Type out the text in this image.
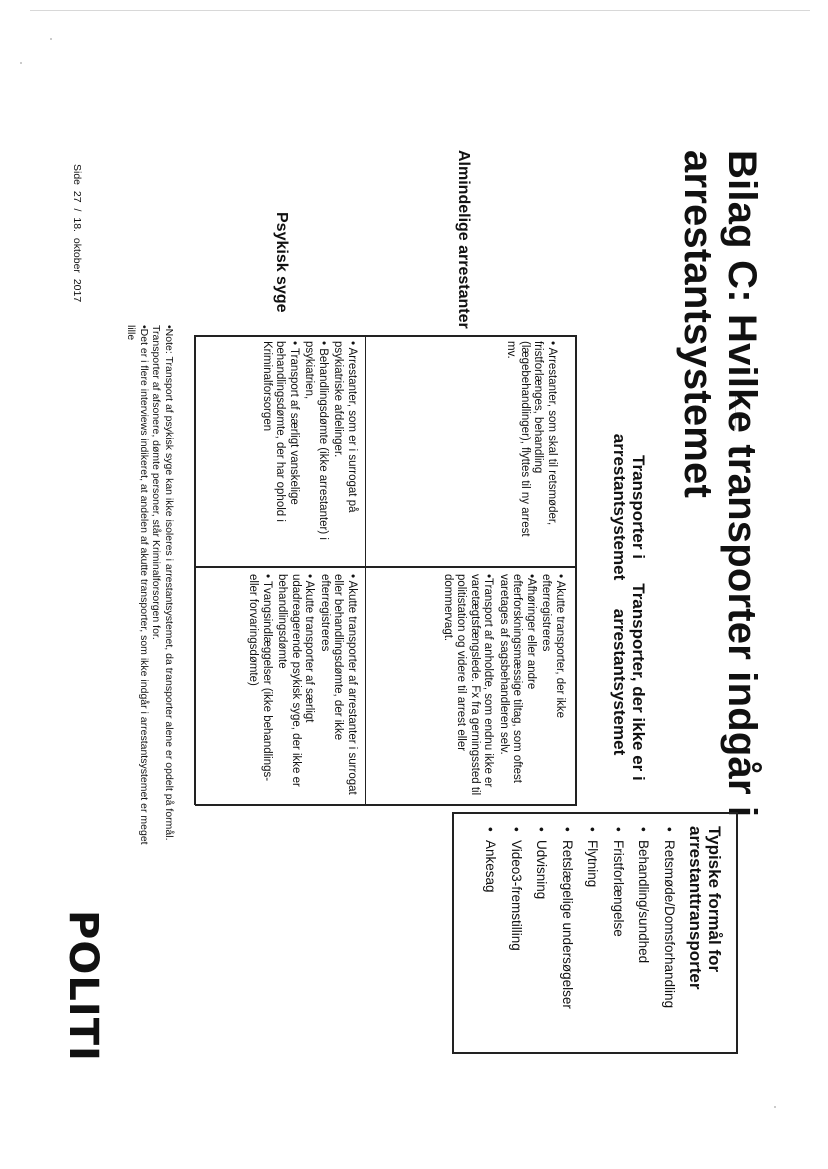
Bilag C: Hvilke transporter indgår i arrestantsystemet
Transporter i arrestantsystemet
Transporter, der ikke er i arrestantsystemet
Almindelige arrestanter
Psykisk syge

• Arrestanter, som skal til retsmøder, fristforlænges, behandling (lægebehandlinger), flyttes til ny arrest mv.

• Akutte transporter, der ikke efterregistreres

•Afhøringer eller andre efterforskningsmæssige tiltag, som oftest varetages af sagsbehandleren selv.

•Transport af anholdte, som endnu ikke er varetægtsfængslede. Fx fra gerningssted til politistation og videre til arrest eller dommervagt.

• Arrestanter, som er i surrogat på psykiatriske afdelinger.

• Behandlingsdømte (ikke arrestanter) i psykiatrien,

• Transport af særligt vanskelige behandlingsdømte, der har ophold i Kriminalforsorgen

• Akutte transporter af arrestanter i surrogat eller behandlingsdømte, der ikke efterregistreres

• Akutte transporter af særligt udadreagerende psykisk syge, der ikke er behandlingsdømte

• Tvangsindlæggelser (ikke behandlings- eller forvaringsdømte)

•Note: Transport af psykisk syge kan ikke isoleres i arrestantsystemet, da transporter alene er opdelt på formål. Transporter af afsonere, dømte personer, står Kriminalforsorgen for.

•Det er i flere interviews indikeret, at andelen af akutte transporter, som ikke indgår i arrestantsystemet er meget lille

Typiske formål for arrestanttransporter
• Retsmøde/Domsforhandling
• Behandling/sundhed
• Fristforlængelse
• Flytning
• Retslægelige undersøgelser
• Udvisning
• Video3-fremstilling
• Ankesag
Side 27 / 18. oktober 2017
POLITI
